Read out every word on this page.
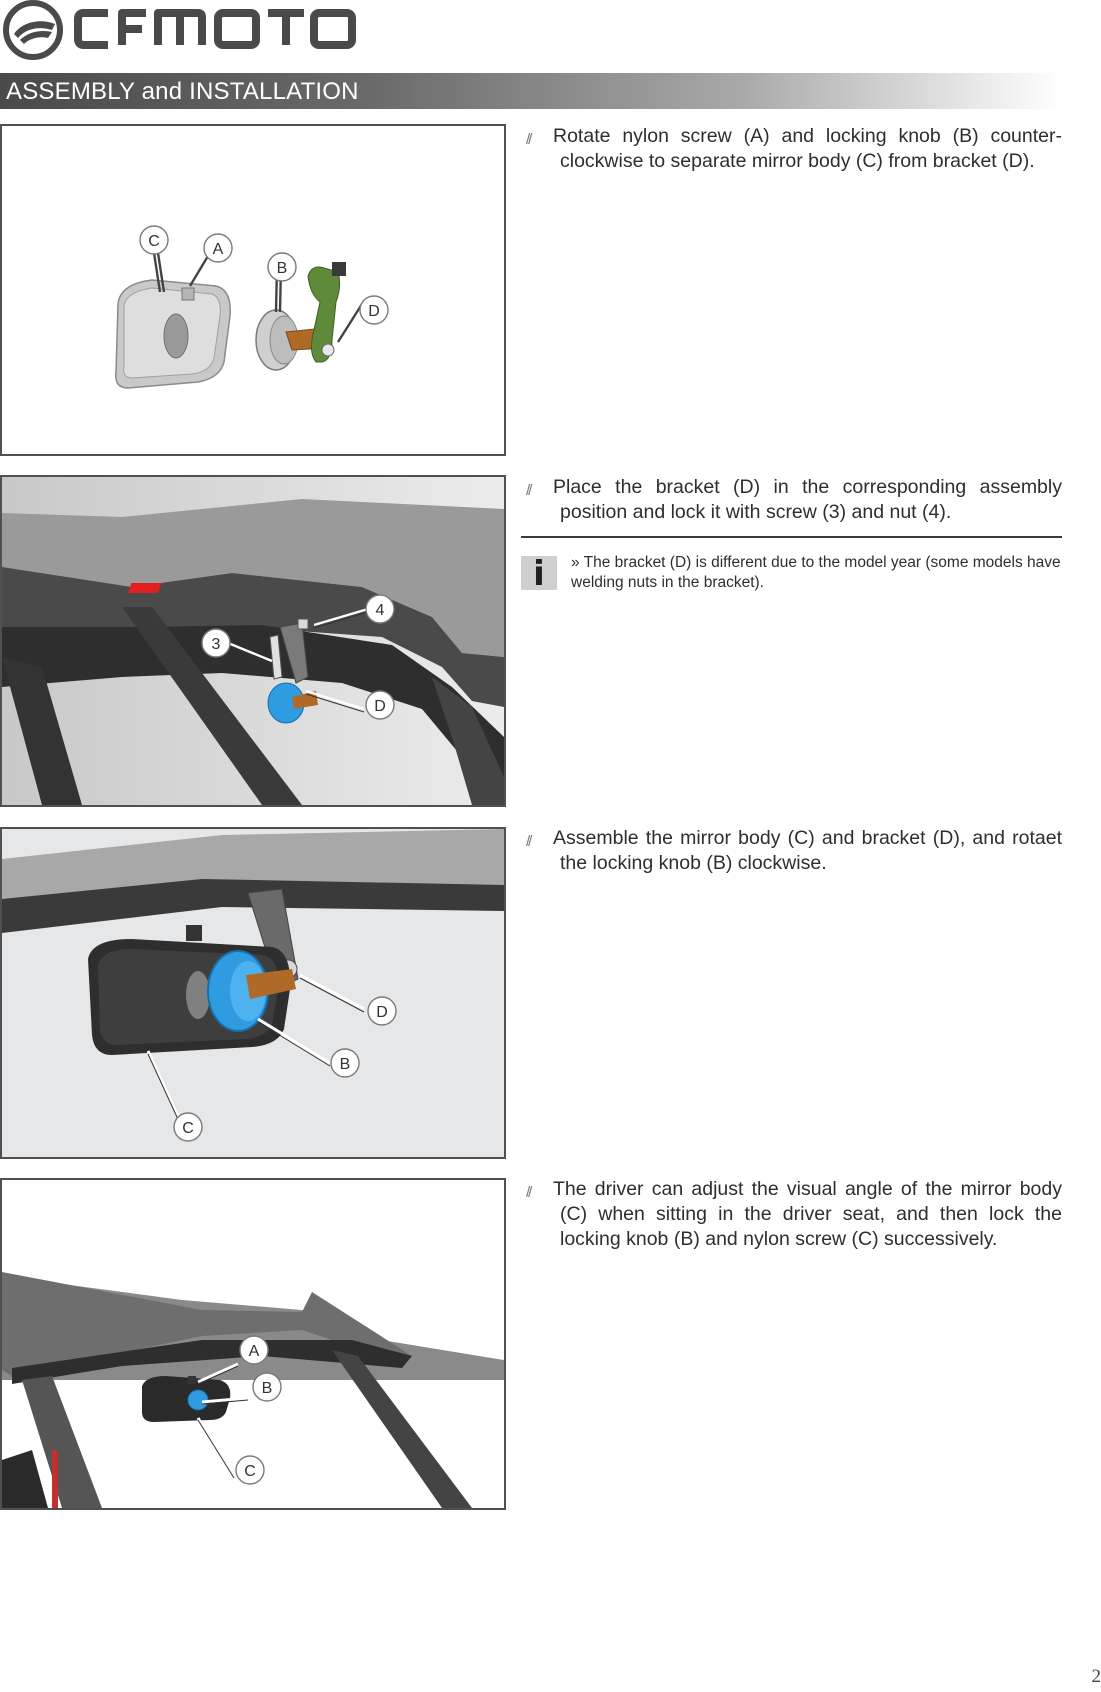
ASSEMBLY and INSTALLATION
C	A
B
D
//	Rotate nylon screw (A) and locking knob (B) counter-clockwise to separate mirror body (C) from bracket (D).
4
3
D
//	Place the bracket (D) in the corresponding assembly position and lock it with screw (3) and nut (4).
i	» The bracket (D) is different due to the model year (some models have welding nuts in the bracket).
D
B
C
//	Assemble the mirror body (C) and bracket (D), and rotaet the locking knob (B) clockwise.
A
B
C
//	The driver can adjust the visual angle of the mirror body (C) when sitting in the driver seat, and then lock the locking knob (B) and nylon screw (C) successively.
2
